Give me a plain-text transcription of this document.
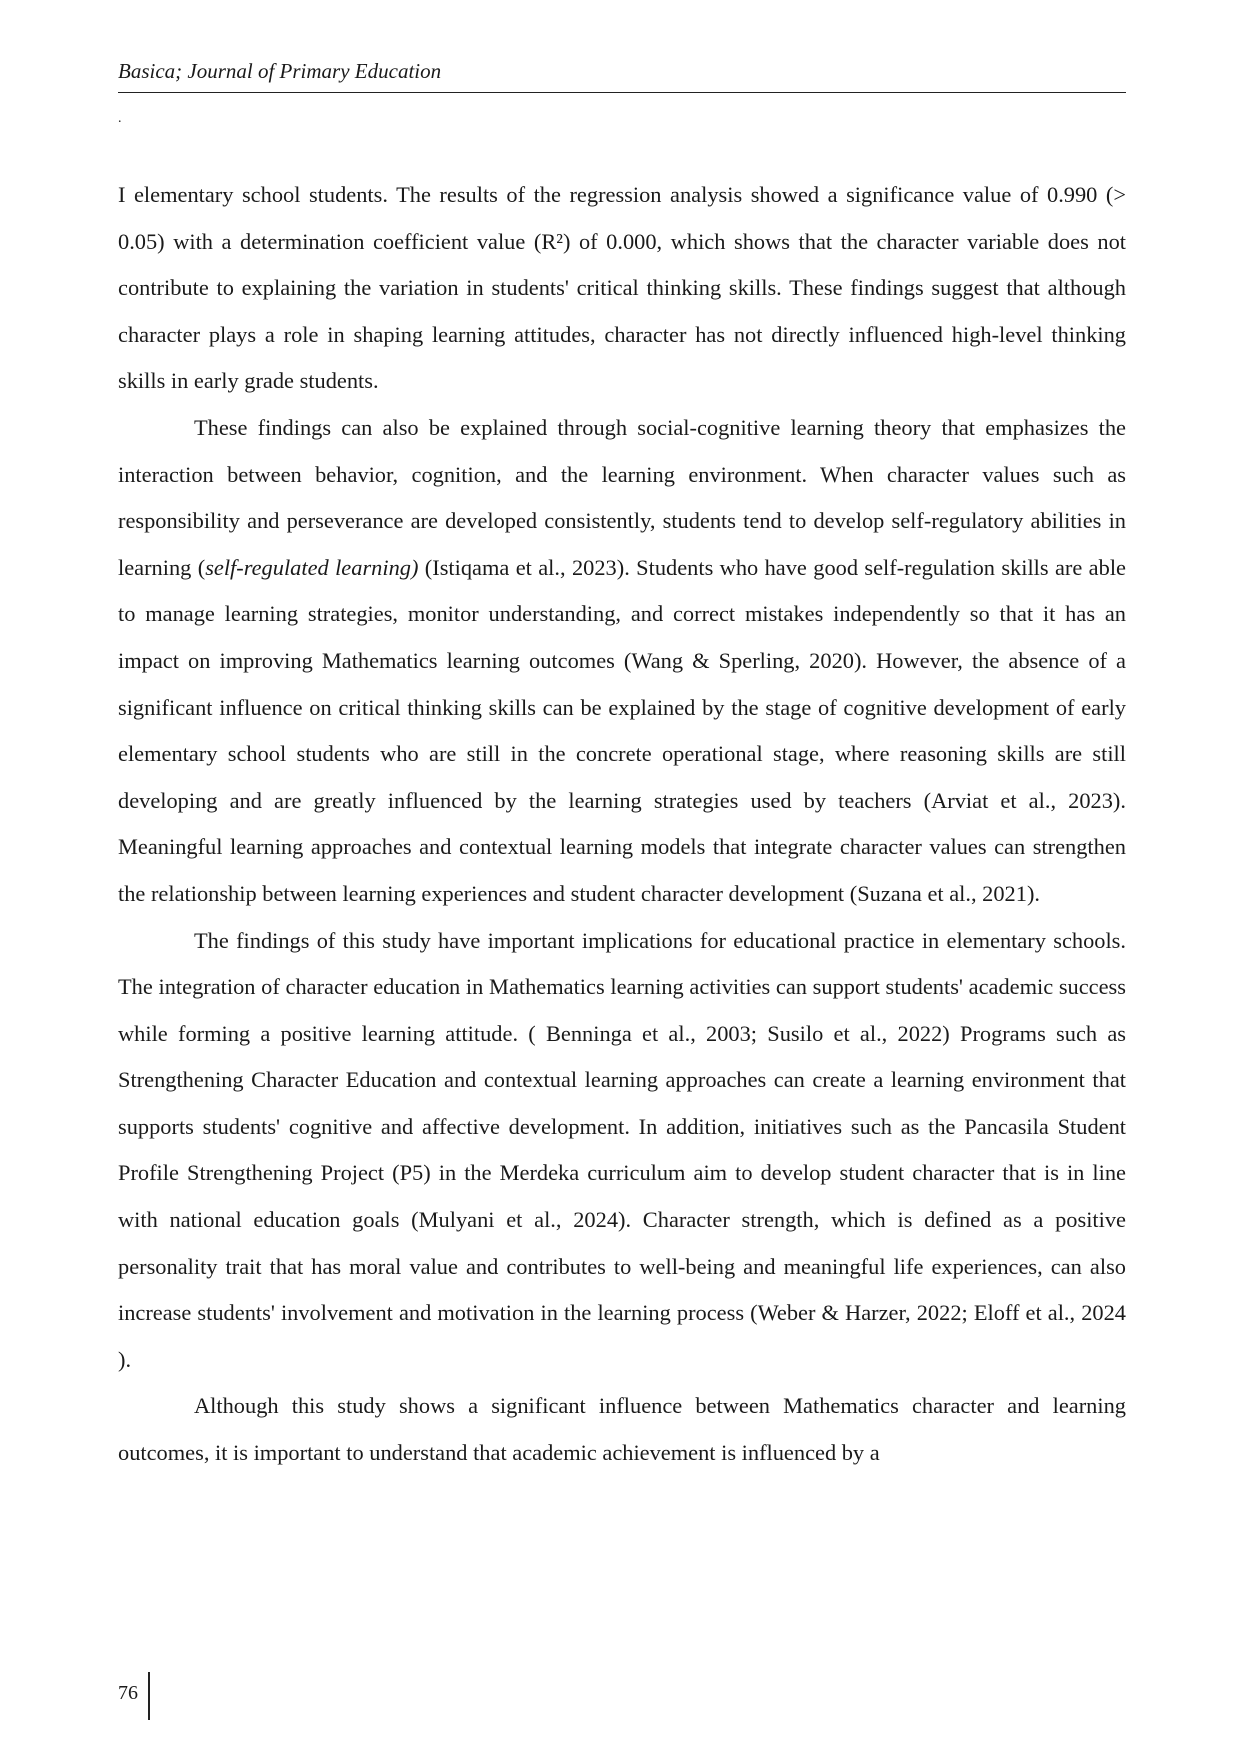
Basica; Journal of Primary Education

.

I elementary school students. The results of the regression analysis showed a significance value of 0.990 (> 0.05) with a determination coefficient value (R²) of 0.000, which shows that the character variable does not contribute to explaining the variation in students' critical thinking skills. These findings suggest that although character plays a role in shaping learning attitudes, character has not directly influenced high-level thinking skills in early grade students.

These findings can also be explained through social-cognitive learning theory that emphasizes the interaction between behavior, cognition, and the learning environment. When character values such as responsibility and perseverance are developed consistently, students tend to develop self-regulatory abilities in learning (self-regulated learning) (Istiqama et al., 2023). Students who have good self-regulation skills are able to manage learning strategies, monitor understanding, and correct mistakes independently so that it has an impact on improving Mathematics learning outcomes (Wang & Sperling, 2020). However, the absence of a significant influence on critical thinking skills can be explained by the stage of cognitive development of early elementary school students who are still in the concrete operational stage, where reasoning skills are still developing and are greatly influenced by the learning strategies used by teachers (Arviat et al., 2023). Meaningful learning approaches and contextual learning models that integrate character values can strengthen the relationship between learning experiences and student character development (Suzana et al., 2021).

The findings of this study have important implications for educational practice in elementary schools. The integration of character education in Mathematics learning activities can support students' academic success while forming a positive learning attitude. ( Benninga et al., 2003; Susilo et al., 2022) Programs such as Strengthening Character Education and contextual learning approaches can create a learning environment that supports students' cognitive and affective development. In addition, initiatives such as the Pancasila Student Profile Strengthening Project (P5) in the Merdeka curriculum aim to develop student character that is in line with national education goals (Mulyani et al., 2024). Character strength, which is defined as a positive personality trait that has moral value and contributes to well-being and meaningful life experiences, can also increase students' involvement and motivation in the learning process (Weber & Harzer, 2022; Eloff et al., 2024 ).

Although this study shows a significant influence between Mathematics character and learning outcomes, it is important to understand that academic achievement is influenced by a

76
